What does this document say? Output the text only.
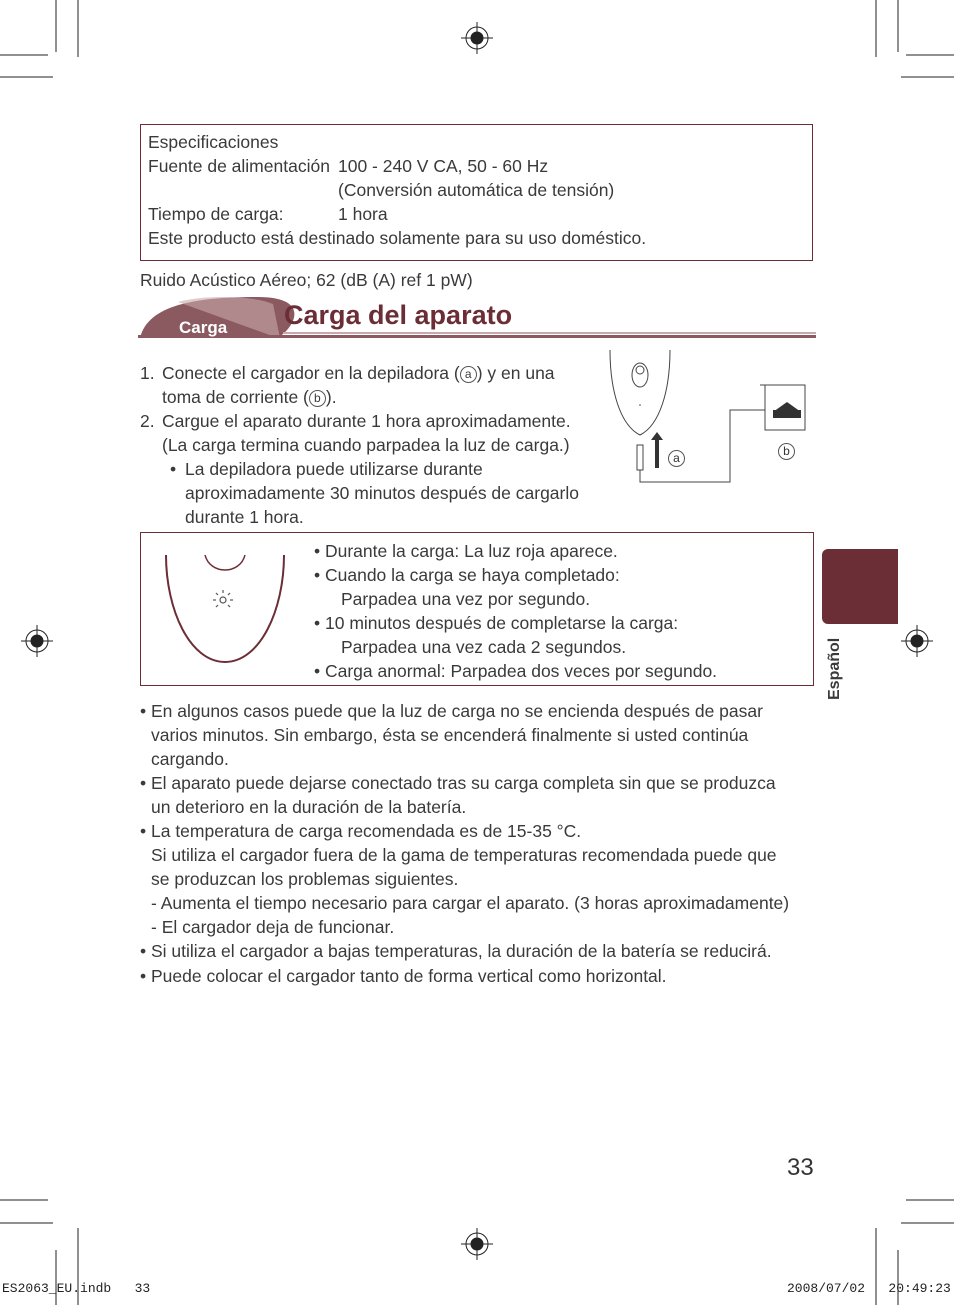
Especificaciones
Fuente de alimentación 100 - 240 V CA, 50 - 60 Hz
(Conversión automática de tensión)
Tiempo de carga:	1 hora
Este producto está destinado solamente para su uso doméstico.
Ruido Acústico Aéreo; 62 (dB (A) ref 1 pW)
Carga Carga del aparato
1. Conecte el cargador en la depiladora ( a ) y en una
toma de corriente ( b ).
2. Cargue el aparato durante 1 hora aproximadamente.
(La carga termina cuando parpadea la luz de carga.)
• La depiladora puede utilizarse durante
aproximadamente 30 minutos después de cargarlo
durante 1 hora.
a	b
• Durante la carga: La luz roja aparece.
• Cuando la carga se haya completado:
Parpadea una vez por segundo.
• 10 minutos después de completarse la carga:
Parpadea una vez cada 2 segundos.
• Carga anormal: Parpadea dos veces por segundo.
• En algunos casos puede que la luz de carga no se encienda después de pasar
varios minutos. Sin embargo, ésta se encenderá finalmente si usted continúa
cargando.
• El aparato puede dejarse conectado tras su carga completa sin que se produzca
un deterioro en la duración de la batería.
• La temperatura de carga recomendada es de 15-35 °C.
Si utiliza el cargador fuera de la gama de temperaturas recomendada puede que
se produzcan los problemas siguientes.
- Aumenta el tiempo necesario para cargar el aparato. (3 horas aproximadamente)
- El cargador deja de funcionar.
• Si utiliza el cargador a bajas temperaturas, la duración de la batería se reducirá.
• Puede colocar el cargador tanto de forma vertical como horizontal.
Español
33
ES2063_EU.indb   33	2008/07/02   20:49:23
